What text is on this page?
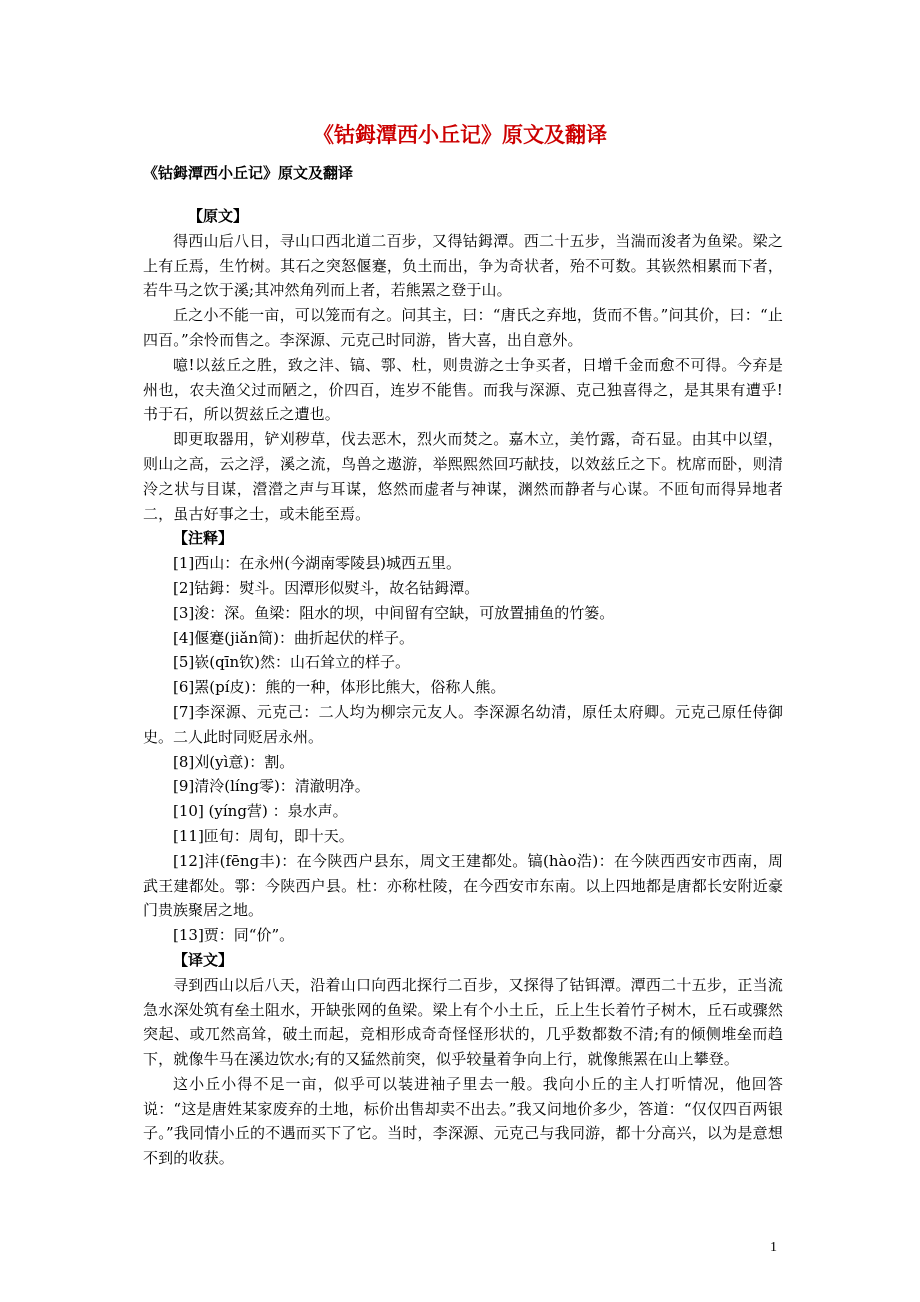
《钴鉧潭西小丘记》原文及翻译
《钴鉧潭西小丘记》原文及翻译

【原文】

得西山后八日，寻山口西北道二百步，又得钴鉧潭。西二十五步，当湍而浚者为鱼梁。梁之上有丘焉，生竹树。其石之突怒偃蹇，负土而出，争为奇状者，殆不可数。其嵚然相累而下者，若牛马之饮于溪;其冲然角列而上者，若熊罴之登于山。

丘之小不能一亩，可以笼而有之。问其主，曰：“唐氏之弃地，货而不售。”问其价，曰：“止四百。”余怜而售之。李深源、元克己时同游，皆大喜，出自意外。

噫!以兹丘之胜，致之沣、镐、鄠、杜，则贵游之士争买者，日增千金而愈不可得。今弃是州也，农夫渔父过而陋之，价四百，连岁不能售。而我与深源、克己独喜得之，是其果有遭乎!书于石，所以贺兹丘之遭也。

即更取器用，铲刈秽草，伐去恶木，烈火而焚之。嘉木立，美竹露，奇石显。由其中以望，则山之高，云之浮，溪之流，鸟兽之遨游，举熙熙然回巧献技，以效兹丘之下。枕席而卧，则清泠之状与目谋，瀯瀯之声与耳谋，悠然而虚者与神谋，渊然而静者与心谋。不匝旬而得异地者二，虽古好事之士，或未能至焉。

【注释】

[1]西山：在永州(今湖南零陵县)城西五里。

[2]钴鉧：熨斗。因潭形似熨斗，故名钴鉧潭。

[3]浚：深。鱼梁：阻水的坝，中间留有空缺，可放置捕鱼的竹篓。

[4]偃蹇(jiǎn简)：曲折起伏的样子。

[5]嵚(qīn钦)然：山石耸立的样子。

[6]罴(pí皮)：熊的一种，体形比熊大，俗称人熊。

[7]李深源、元克己：二人均为柳宗元友人。李深源名幼清，原任太府卿。元克己原任侍御史。二人此时同贬居永州。

[8]刈(yì意)：割。

[9]清泠(líng零)：清澈明净。

[10] (yíng营) ：泉水声。

[11]匝旬：周旬，即十天。

[12]沣(fēng丰)：在今陕西户县东，周文王建都处。镐(hào浩)：在今陕西西安市西南，周武王建都处。鄠：今陕西户县。杜：亦称杜陵，在今西安市东南。以上四地都是唐都长安附近豪门贵族聚居之地。

[13]贾：同“价”。

【译文】

寻到西山以后八天，沿着山口向西北探行二百步，又探得了钴铒潭。潭西二十五步，正当流急水深处筑有垒土阻水，开缺张网的鱼梁。梁上有个小土丘，丘上生长着竹子树木，丘石或骤然突起、或兀然高耸，破土而起，竞相形成奇奇怪怪形状的，几乎数都数不清;有的倾侧堆垒而趋下，就像牛马在溪边饮水;有的又猛然前突，似乎较量着争向上行，就像熊罴在山上攀登。

这小丘小得不足一亩，似乎可以装进袖子里去一般。我向小丘的主人打听情况，他回答说：“这是唐姓某家废弃的土地，标价出售却卖不出去。”我又问地价多少，答道：“仅仅四百两银子。”我同情小丘的不遇而买下了它。当时，李深源、元克己与我同游，都十分高兴，以为是意想不到的收获。

1
